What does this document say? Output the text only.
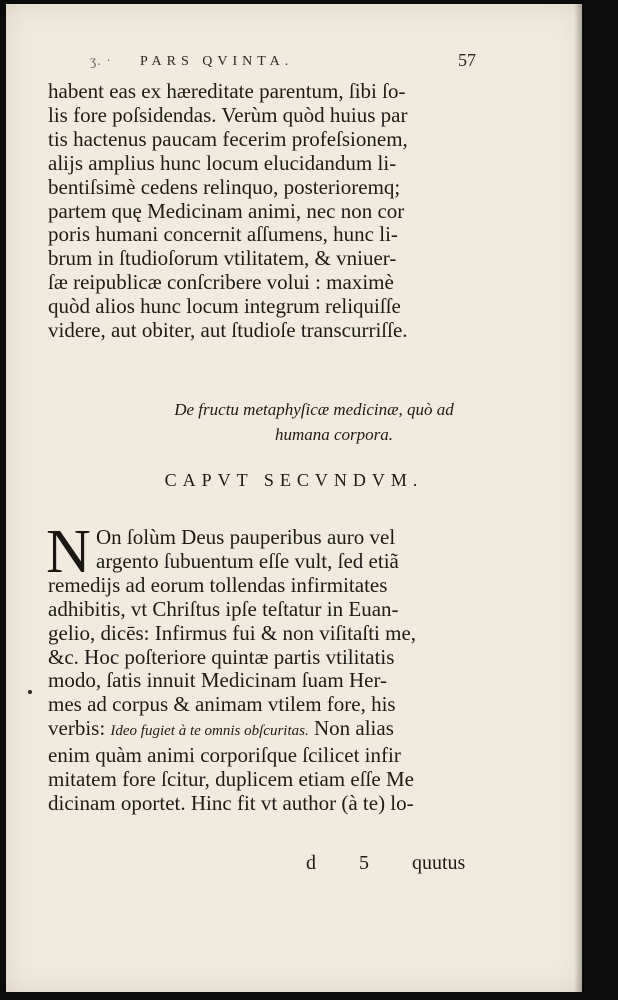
ʒ. · PARS QVINTA.	57
habent eas ex hæreditate parentum, ſibi ſo-
lis fore poſsidendas. Verùm quòd huius par
tis hactenus paucam fecerim profeſsionem,
alijs amplius hunc locum elucidandum li-
bentiſsimè cedens relinquo, posterioremq;
partem quę Medicinam animi, nec non cor
poris humani concernit aſſumens, hunc li-
brum in ſtudioſorum vtilitatem, & vniuer-
ſæ reipublicæ conſcribere volui : maximè
quòd alios hunc locum integrum reliquiſſe
videre, aut obiter, aut ſtudioſe transcurriſſe.
De fructu metaphyſicæ medicinæ, quò ad
humana corpora.
CAPVT SECVNDVM.
N On ſolùm Deus pauperibus auro vel
argento ſubuentum eſſe vult, ſed etiã
remedijs ad eorum tollendas infirmitates
adhibitis, vt Chriſtus ipſe teſtatur in Euan-
gelio, dicēs: Infirmus fui & non viſitaſti me,
&c. Hoc poſteriore quintæ partis vtilitatis
modo, ſatis innuit Medicinam ſuam Her-
mes ad corpus & animam vtilem fore, his
verbis: Ideo fugiet à te omnis obſcuritas. Non alias
enim quàm animi corporiſque ſcilicet infir
mitatem fore ſcitur, duplicem etiam eſſe Me
dicinam oportet. Hinc fit vt author (à te) lo-
d 5 quutus
